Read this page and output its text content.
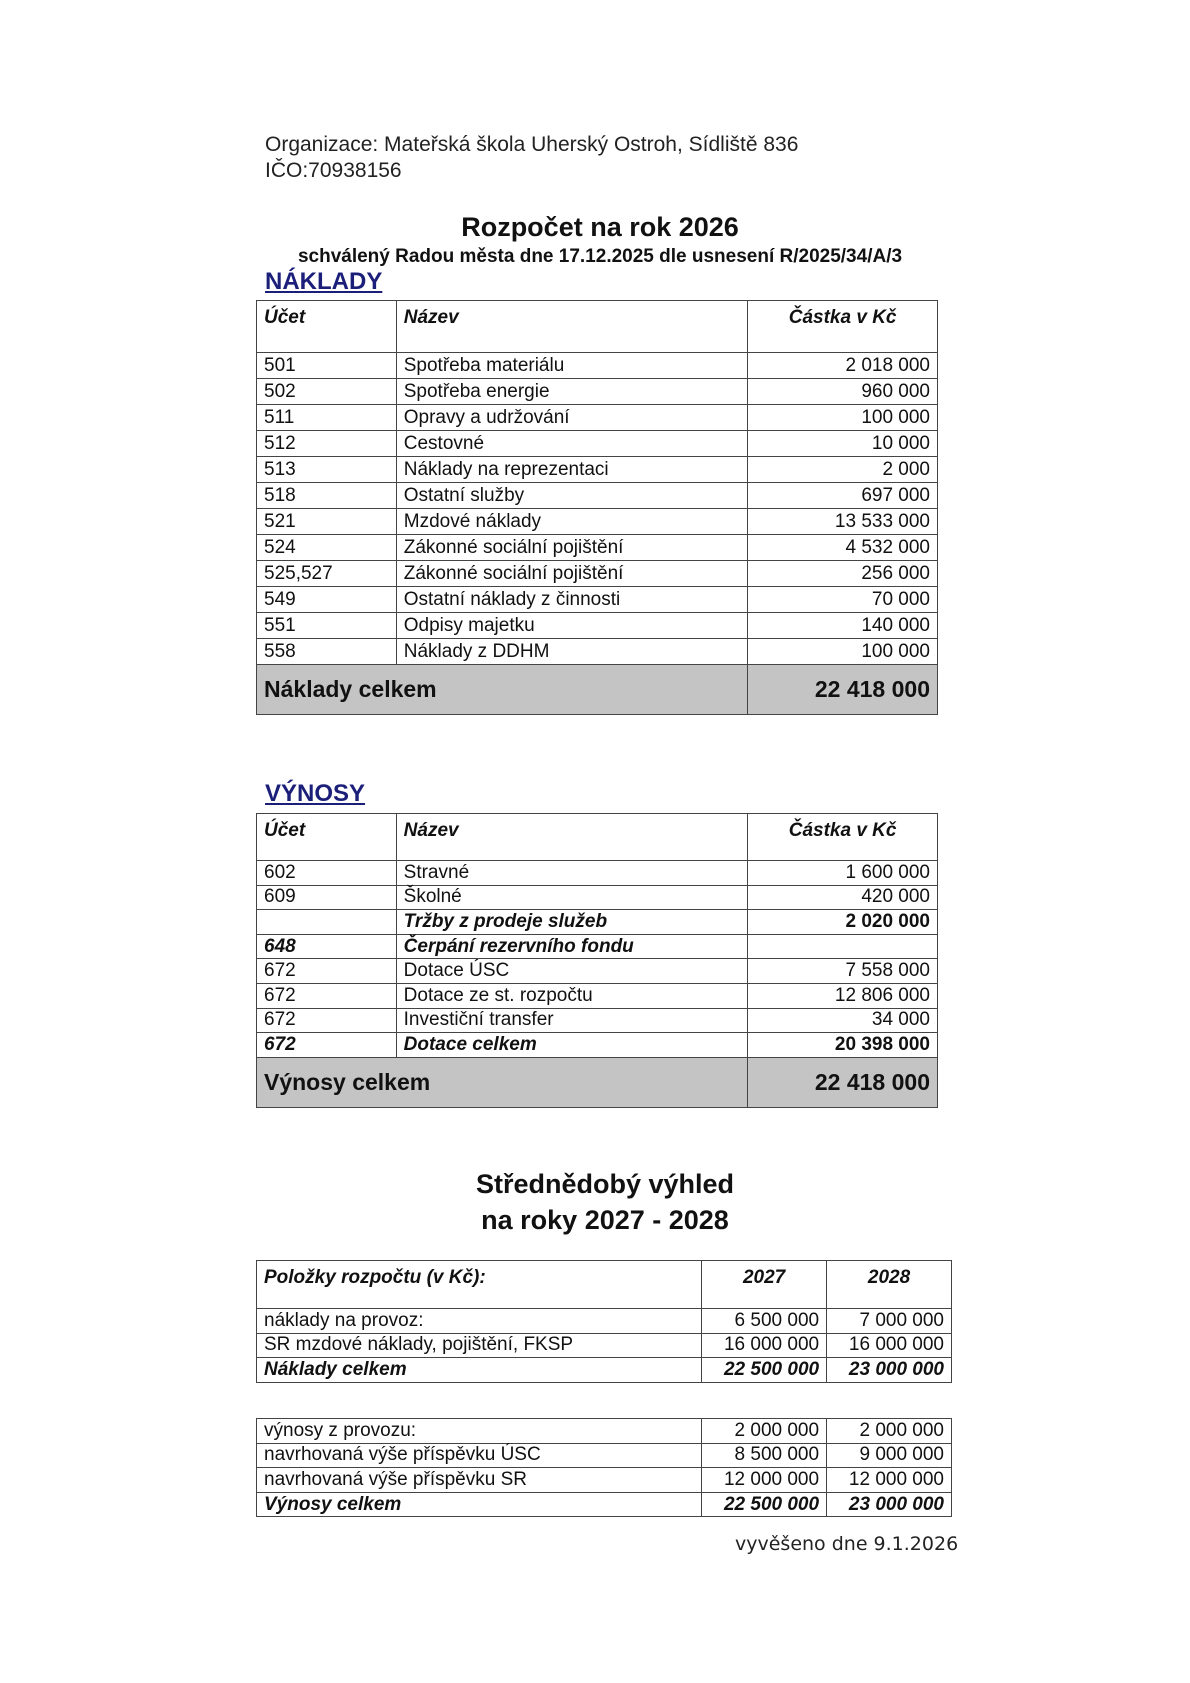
Organizace: Mateřská škola Uherský Ostroh, Sídliště 836
IČO:70938156
Rozpočet na rok 2026
schválený Radou města dne 17.12.2025 dle usnesení R/2025/34/A/3
NÁKLADY
Účet	Název	Částka v Kč
501	Spotřeba materiálu	2 018 000
502	Spotřeba energie	960 000
511	Opravy a udržování	100 000
512	Cestovné	10 000
513	Náklady na reprezentaci	2 000
518	Ostatní služby	697 000
521	Mzdové náklady	13 533 000
524	Zákonné sociální pojištění	4 532 000
525,527	Zákonné sociální pojištění	256 000
549	Ostatní náklady z činnosti	70 000
551	Odpisy majetku	140 000
558	Náklady z DDHM	100 000
Náklady celkem		22 418 000
VÝNOSY
Účet	Název	Částka v Kč
602	Stravné	1 600 000
609	Školné	420 000
	Tržby z prodeje služeb	2 020 000
648	Čerpání rezervního fondu	
672	Dotace ÚSC	7 558 000
672	Dotace ze st. rozpočtu	12 806 000
672	Investiční transfer	34 000
672	Dotace celkem	20 398 000
Výnosy celkem		22 418 000
Střednědobý výhled
na roky 2027 - 2028
Položky rozpočtu (v Kč):	2027	2028
náklady na provoz:	6 500 000	7 000 000
SR mzdové náklady, pojištění, FKSP	16 000 000	16 000 000
Náklady celkem	22 500 000	23 000 000
výnosy z provozu:	2 000 000	2 000 000
navrhovaná výše příspěvku ÚSC	8 500 000	9 000 000
navrhovaná výše příspěvku SR	12 000 000	12 000 000
Výnosy celkem	22 500 000	23 000 000
vyvěšeno dne 9.1.2026
